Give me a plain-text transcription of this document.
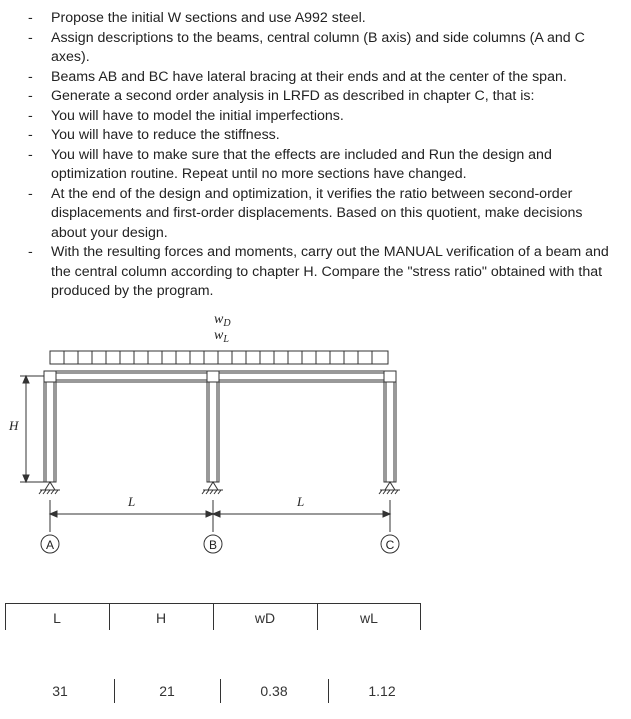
- Propose the initial W sections and use A992 steel.
- Assign descriptions to the beams, central column (B axis) and side columns (A and C axes).
- Beams AB and BC have lateral bracing at their ends and at the center of the span.
- Generate a second order analysis in LRFD as described in chapter C, that is:
- You will have to model the initial imperfections.
- You will have to reduce the stiffness.
- You will have to make sure that the effects are included and Run the design and optimization routine. Repeat until no more sections have changed.
- At the end of the design and optimization, it verifies the ratio between second-order displacements and first-order displacements. Based on this quotient, make decisions about your design.
- With the resulting forces and moments, carry out the MANUAL verification of a beam and the central column according to chapter H. Compare the "stress ratio" obtained with that produced by the program.
$w_D$
$w_L$
H
L	L
A	B	C
L	H	wD	wL
31	21	0.38	1.12
